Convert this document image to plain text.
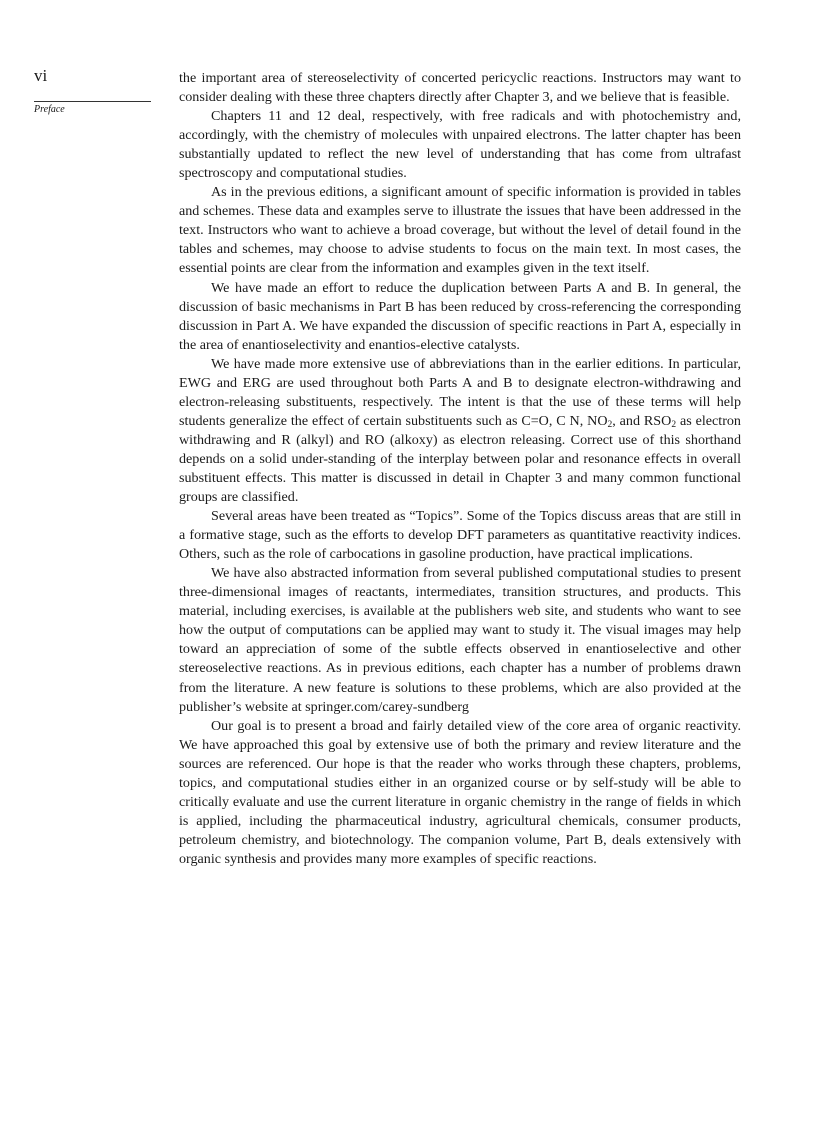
vi
Preface

the important area of stereoselectivity of concerted pericyclic reactions. Instructors may want to consider dealing with these three chapters directly after Chapter 3, and we believe that is feasible.

Chapters 11 and 12 deal, respectively, with free radicals and with photochemistry and, accordingly, with the chemistry of molecules with unpaired electrons. The latter chapter has been substantially updated to reflect the new level of understanding that has come from ultrafast spectroscopy and computational studies.

As in the previous editions, a significant amount of specific information is provided in tables and schemes. These data and examples serve to illustrate the issues that have been addressed in the text. Instructors who want to achieve a broad coverage, but without the level of detail found in the tables and schemes, may choose to advise students to focus on the main text. In most cases, the essential points are clear from the information and examples given in the text itself.

We have made an effort to reduce the duplication between Parts A and B. In general, the discussion of basic mechanisms in Part B has been reduced by cross-referencing the corresponding discussion in Part A. We have expanded the discussion of specific reactions in Part A, especially in the area of enantioselectivity and enantios-elective catalysts.

We have made more extensive use of abbreviations than in the earlier editions. In particular, EWG and ERG are used throughout both Parts A and B to designate electron-withdrawing and electron-releasing substituents, respectively. The intent is that the use of these terms will help students generalize the effect of certain substituents such as C=O, C N, $NO_2$, and $RSO_2$ as electron withdrawing and R (alkyl) and RO (alkoxy) as electron releasing. Correct use of this shorthand depends on a solid under-standing of the interplay between polar and resonance effects in overall substituent effects. This matter is discussed in detail in Chapter 3 and many common functional groups are classified.

Several areas have been treated as “Topics”. Some of the Topics discuss areas that are still in a formative stage, such as the efforts to develop DFT parameters as quantitative reactivity indices. Others, such as the role of carbocations in gasoline production, have practical implications.

We have also abstracted information from several published computational studies to present three-dimensional images of reactants, intermediates, transition structures, and products. This material, including exercises, is available at the publishers web site, and students who want to see how the output of computations can be applied may want to study it. The visual images may help toward an appreciation of some of the subtle effects observed in enantioselective and other stereoselective reactions. As in previous editions, each chapter has a number of problems drawn from the literature. A new feature is solutions to these problems, which are also provided at the publisher’s website at springer.com/carey-sundberg

Our goal is to present a broad and fairly detailed view of the core area of organic reactivity. We have approached this goal by extensive use of both the primary and review literature and the sources are referenced. Our hope is that the reader who works through these chapters, problems, topics, and computational studies either in an organized course or by self-study will be able to critically evaluate and use the current literature in organic chemistry in the range of fields in which is applied, including the pharmaceutical industry, agricultural chemicals, consumer products, petroleum chemistry, and biotechnology. The companion volume, Part B, deals extensively with organic synthesis and provides many more examples of specific reactions.
